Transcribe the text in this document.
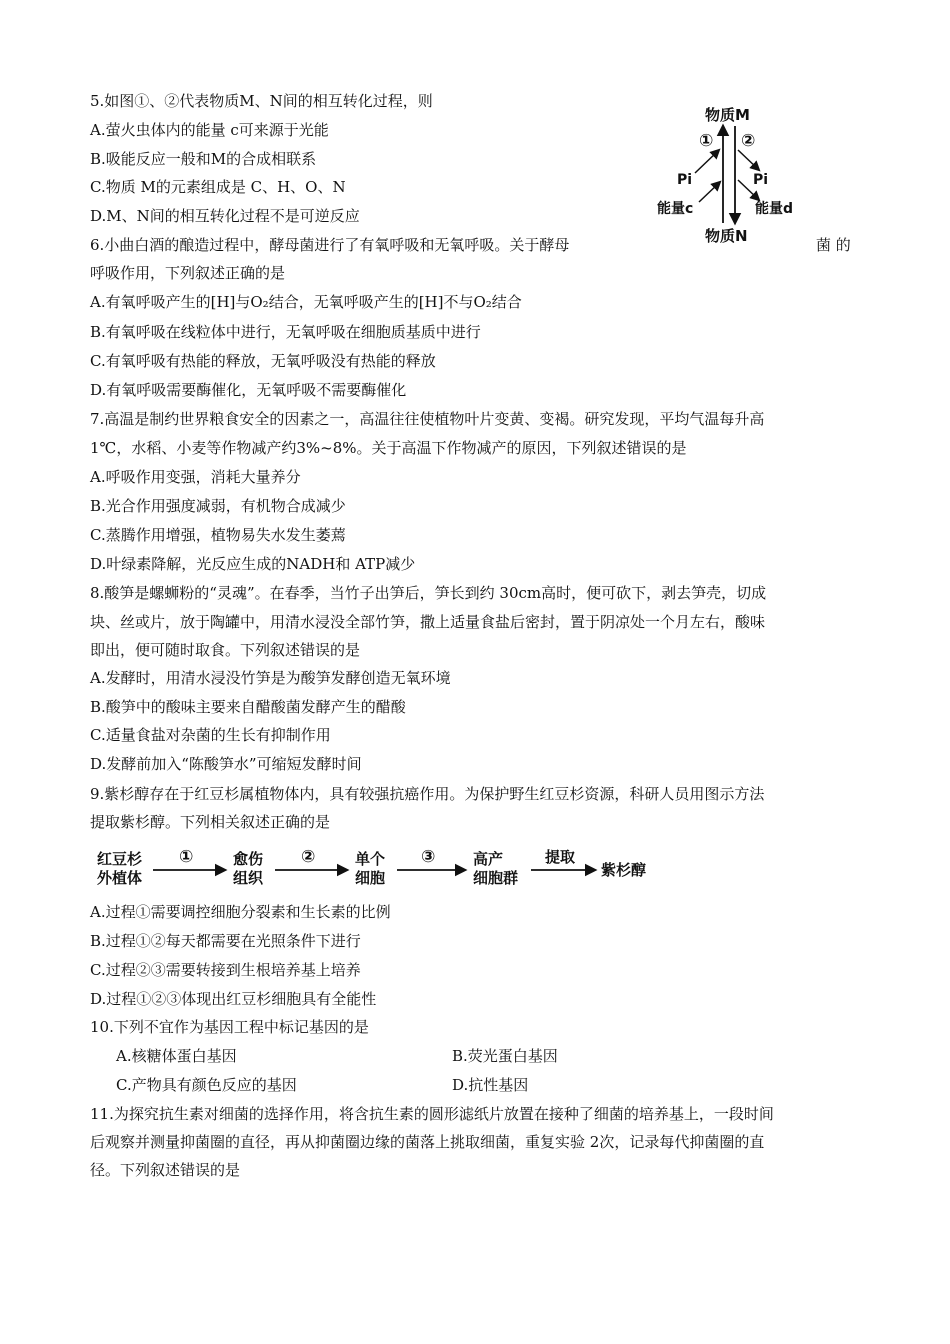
5.如图①、②代表物质M、N间的相互转化过程，则
A.萤火虫体内的能量 c可来源于光能
B.吸能反应一般和M的合成相联系
C.物质 M的元素组成是 C、H、O、N
D.M、N间的相互转化过程不是可逆反应
物质M
物质N
① ②
Pi	Pi
能量c	能量d
6.小曲白酒的酿造过程中，酵母菌进行了有氧呼吸和无氧呼吸。关于酵母	菌 的
呼吸作用，下列叙述正确的是
A.有氧呼吸产生的[H]与O₂结合，无氧呼吸产生的[H]不与O₂结合
B.有氧呼吸在线粒体中进行，无氧呼吸在细胞质基质中进行
C.有氧呼吸有热能的释放，无氧呼吸没有热能的释放
D.有氧呼吸需要酶催化，无氧呼吸不需要酶催化
7.高温是制约世界粮食安全的因素之一，高温往往使植物叶片变黄、变褐。研究发现，平均气温每升高
1℃，水稻、小麦等作物减产约3%~8%。关于高温下作物减产的原因，下列叙述错误的是
A.呼吸作用变强，消耗大量养分
B.光合作用强度减弱，有机物合成减少
C.蒸腾作用增强，植物易失水发生萎蔫
D.叶绿素降解，光反应生成的NADH和 ATP减少
8.酸笋是螺蛳粉的“灵魂”。在春季，当竹子出笋后，笋长到约 30cm高时，便可砍下，剥去笋壳，切成
块、丝或片，放于陶罐中，用清水浸没全部竹笋，撒上适量食盐后密封，置于阴凉处一个月左右，酸味
即出，便可随时取食。下列叙述错误的是
A.发酵时，用清水浸没竹笋是为酸笋发酵创造无氧环境
B.酸笋中的酸味主要来自醋酸菌发酵产生的醋酸
C.适量食盐对杂菌的生长有抑制作用
D.发酵前加入“陈酸笋水”可缩短发酵时间
9.紫杉醇存在于红豆杉属植物体内，具有较强抗癌作用。为保护野生红豆杉资源，科研人员用图示方法
提取紫杉醇。下列相关叙述正确的是
红豆杉
外植体
①	愈伤
组织
②	单个
细胞
③	高产
细胞群
提取
紫杉醇
A.过程①需要调控细胞分裂素和生长素的比例
B.过程①②每天都需要在光照条件下进行
C.过程②③需要转接到生根培养基上培养
D.过程①②③体现出红豆杉细胞具有全能性
10.下列不宜作为基因工程中标记基因的是
A.核糖体蛋白基因	B.荧光蛋白基因
C.产物具有颜色反应的基因	D.抗性基因
11.为探究抗生素对细菌的选择作用，将含抗生素的圆形滤纸片放置在接种了细菌的培养基上，一段时间
后观察并测量抑菌圈的直径，再从抑菌圈边缘的菌落上挑取细菌，重复实验 2次，记录每代抑菌圈的直
径。下列叙述错误的是
